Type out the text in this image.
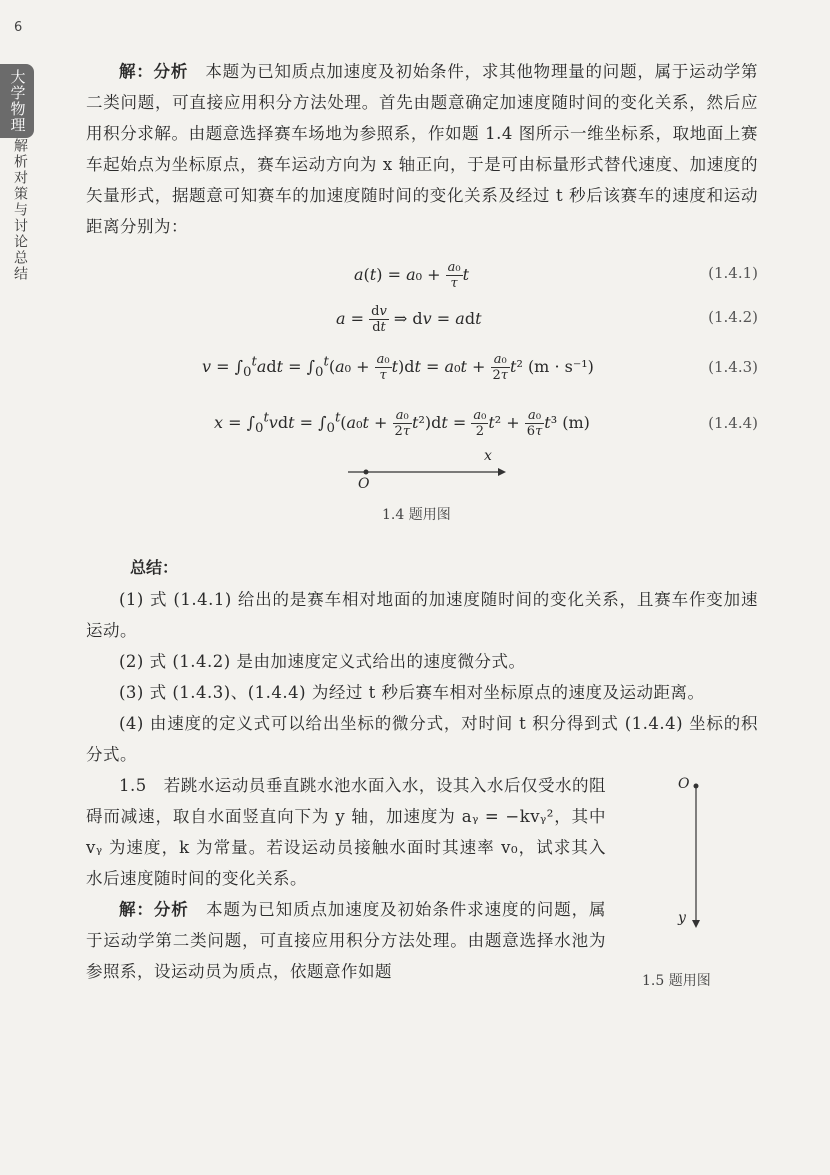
6
大学物理
解析对策与讨论总结

解：分析　 本题为已知质点加速度及初始条件，求其他物理量的问题，属于运动学第二类问题，可直接应用积分方法处理。首先由题意确定加速度随时间的变化关系，然后应用积分求解。由题意选择赛车场地为参照系，作如题 1.4 图所示一维坐标系，取地面上赛车起始点为坐标原点，赛车运动方向为 x 轴正向，于是可由标量形式替代速度、加速度的矢量形式，据题意可知赛车的加速度随时间的变化关系及经过 t 秒后该赛车的速度和运动距离分别为：

$a(t) = a_0 + \frac{\text{a₀}}{\tau}$ t	(1.4.1)
$a = \frac{dv}{dt}$ ⇒ dv = adt	(1.4.2)
$v = \int_0^tadt = \int_0^t(a_0 + \frac{\text{a₀}}{\tau} t)dt = a_0t + \frac{\text{a₀}}{2\tau} t^2$ (m · s⁻¹)	(1.4.3)
$x = \int_0^tvdt = \int_0^t(a_0t + \frac{\text{a₀}}{2\tau} t^2)dt = \frac{\text{a₀}}{2} t^2 + \frac{\text{a₀}}{6\tau} t^3$ (m)	(1.4.4)
O
x
1.4 题用图
总结：

(1) 式 (1.4.1) 给出的是赛车相对地面的加速度随时间的变化关系，且赛车作变加速运动。

(2) 式 (1.4.2) 是由加速度定义式给出的速度微分式。

(3) 式 (1.4.3)、(1.4.4) 为经过 t 秒后赛车相对坐标原点的速度及运动距离。

(4) 由速度的定义式可以给出坐标的微分式，对时间 t 积分得到式 (1.4.4) 坐标的积分式。

1.5　若跳水运动员垂直跳水池水面入水，设其入水后仅受水的阻碍而减速，取自水面竖直向下为 y 轴，加速度为 aᵧ = −kvᵧ²，其中 vᵧ 为速度，k 为常量。若设运动员接触水面时其速率 v₀，试求其入水后速度随时间的变化关系。

解：分析　 本题为已知质点加速度及初始条件求速度的问题，属于运动学第二类问题，可直接应用积分方法处理。由题意选择水池为参照系，设运动员为质点，依题意作如题

O
y
1.5 题用图
